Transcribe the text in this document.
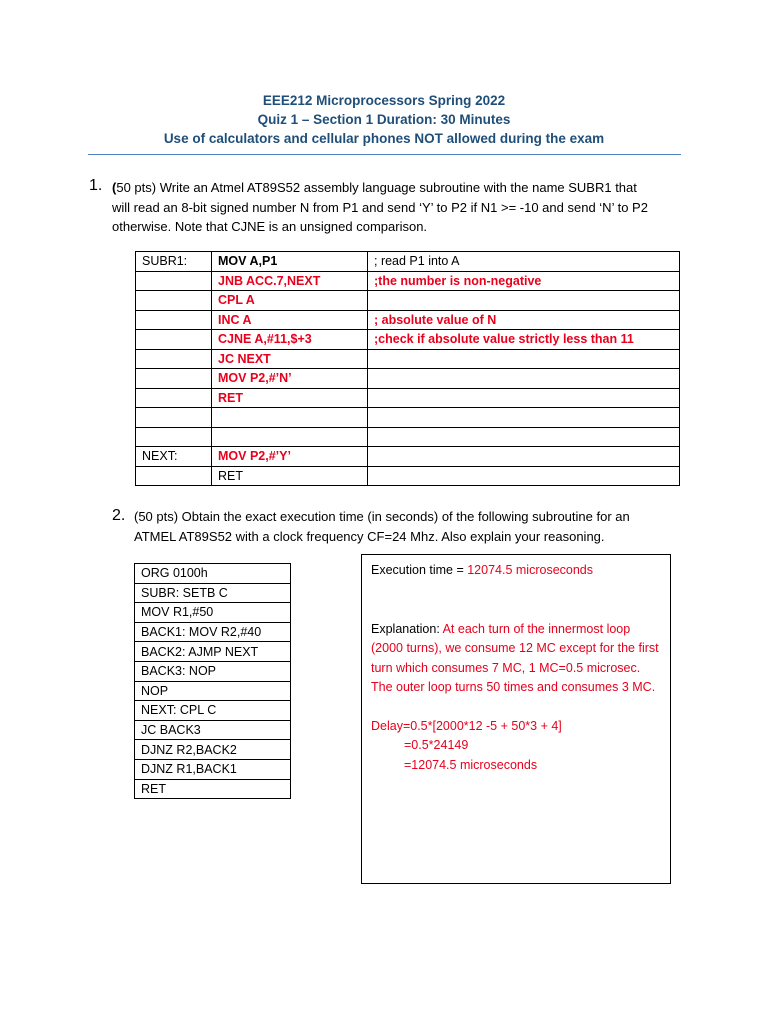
EEE212 Microprocessors Spring 2022
Quiz 1 – Section 1 Duration: 30 Minutes
Use of calculators and cellular phones NOT allowed during the exam
1. (50 pts) Write an Atmel AT89S52 assembly language subroutine with the name SUBR1 that
will read an 8-bit signed number N from P1 and send ‘Y’ to P2 if N1 >= -10 and send ‘N’ to P2
otherwise. Note that CJNE is an unsigned comparison.
SUBR1:	MOV A,P1	; read P1 into A
	JNB ACC.7,NEXT	;the number is non-negative
	CPL A	
	INC A	; absolute value of N
	CJNE A,#11,$+3	;check if absolute value strictly less than 11
	JC NEXT	
	MOV P2,#’N’	
	RET	

NEXT:	MOV P2,#’Y’	
	RET	
2. (50 pts) Obtain the exact execution time (in seconds) of the following subroutine for an
ATMEL AT89S52 with a clock frequency CF=24 Mhz. Also explain your reasoning.
ORG 0100h
SUBR: SETB C
MOV R1,#50
BACK1: MOV R2,#40
BACK2: AJMP NEXT
BACK3: NOP
NOP
NEXT: CPL C
JC BACK3
DJNZ R2,BACK2
DJNZ R1,BACK1
RET

Execution time = 12074.5 microseconds

Explanation: At each turn of the innermost loop (2000 turns), we consume 12 MC except for the first turn which consumes 7 MC, 1 MC=0.5 microsec. The outer loop turns 50 times and consumes 3 MC.

Delay=0.5*[2000*12 -5 + 50*3 + 4]

=0.5*24149

=12074.5 microseconds
